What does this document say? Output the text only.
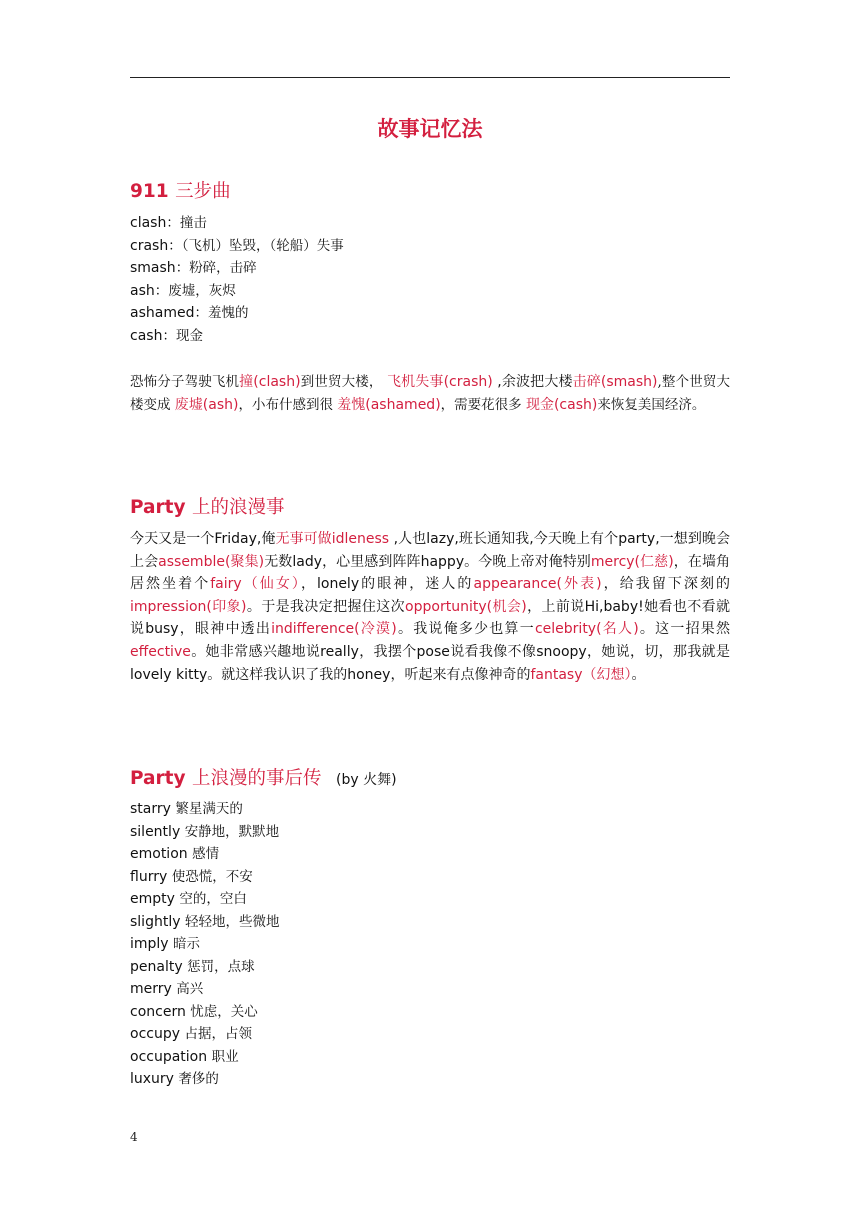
故事记忆法
911 三步曲
clash：撞击
crash：（飞机）坠毁，（轮船）失事
smash：粉碎，击碎
ash：废墟，灰烬
ashamed：羞愧的
cash：现金
恐怖分子驾驶飞机撞(clash)到世贸大楼， 飞机失事(crash) ,余波把大楼击碎(smash),整个世贸大楼变成 废墟(ash)，小布什感到很 羞愧(ashamed)，需要花很多 现金(cash)来恢复美国经济。
Party 上的浪漫事
今天又是一个Friday,俺无事可做idleness ,人也lazy,班长通知我,今天晚上有个party,一想到晚会上会assemble(聚集)无数lady，心里感到阵阵happy。今晚上帝对俺特别mercy(仁慈)，在墙角居然坐着个fairy（仙女），lonely的眼神，迷人的appearance(外表)，给我留下深刻的impression(印象)。于是我决定把握住这次opportunity(机会)，上前说Hi,baby!她看也不看就说busy，眼神中透出indifference(冷漠)。我说俺多少也算一celebrity(名人)。这一招果然effective。她非常感兴趣地说really，我摆个pose说看我像不像snoopy，她说，切，那我就是lovely kitty。就这样我认识了我的honey，听起来有点像神奇的fantasy（幻想）。
Party 上浪漫的事后传 (by 火舞)
starry 繁星满天的
silently 安静地，默默地
emotion 感情
flurry 使恐慌，不安
empty 空的，空白
slightly 轻轻地，些微地
imply 暗示
penalty 惩罚，点球
merry 高兴
concern 忧虑，关心
occupy 占据，占领
occupation 职业
luxury 奢侈的
4
